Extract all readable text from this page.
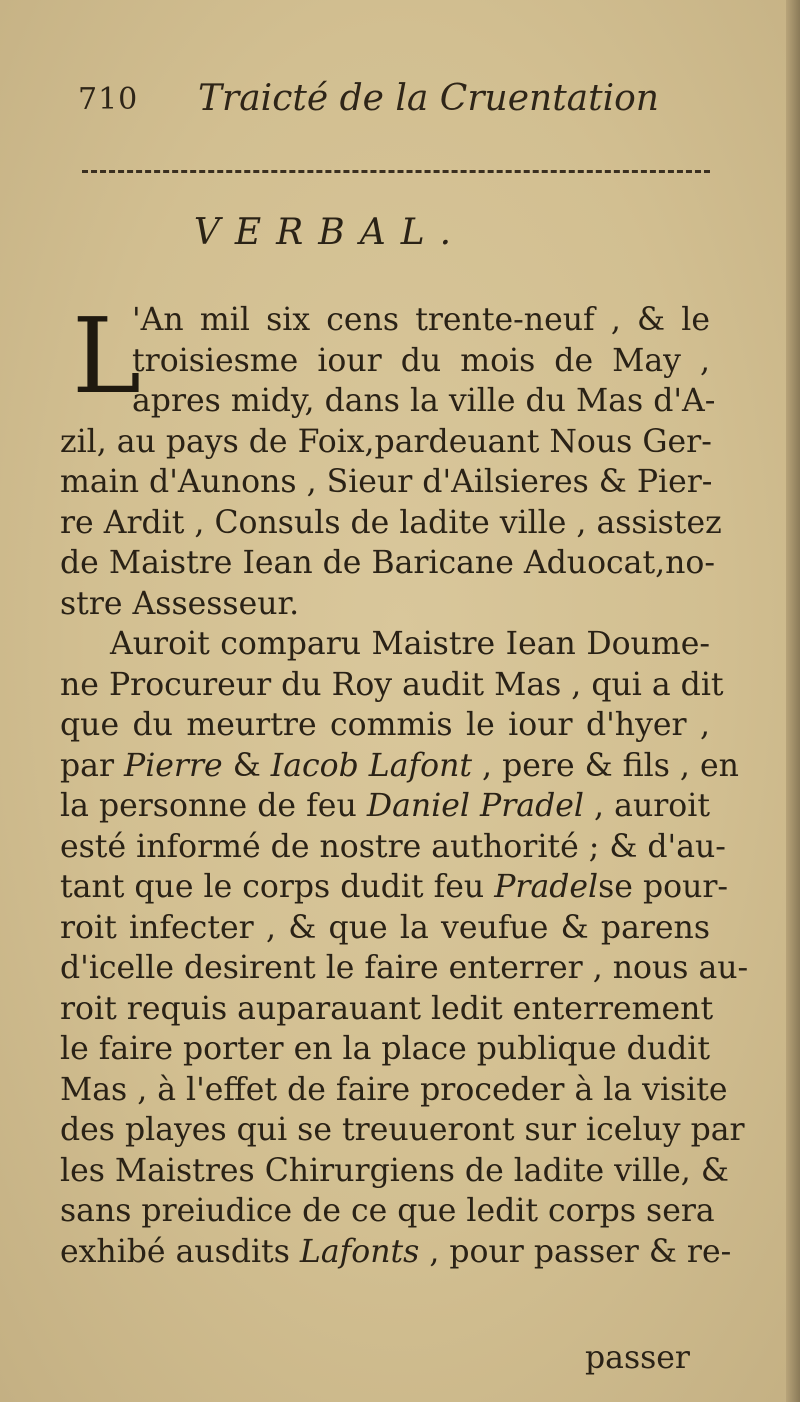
710 Traicté de la Cruentation
VERBAL.
L
'An mil six cens trente-neuf , & le
troisiesme iour du mois de May ,
apres midy, dans la ville du Mas d'A-
zil, au pays de Foix,pardeuant Nous Ger-
main d'Aunons , Sieur d'Ailsieres & Pier-
re Ardit , Consuls de ladite ville , assistez
de Maistre Iean de Baricane Aduocat,no-
stre Assesseur.
Auroit comparu Maistre Iean Doume-
ne Procureur du Roy audit Mas , qui a dit
que du meurtre commis le iour d'hyer ,
par Pierre & Iacob Lafont , pere & fils , en
la personne de feu Daniel Pradel , auroit
esté informé de nostre authorité ; & d'au-
tant que le corps dudit feu Pradelse pour-
roit infecter , & que la veufue & parens
d'icelle desirent le faire enterrer , nous au-
roit requis auparauant ledit enterrement
le faire porter en la place publique dudit
Mas , à l'effet de faire proceder à la visite
des playes qui se treuueront sur iceluy par
les Maistres Chirurgiens de ladite ville, &
sans preiudice de ce que ledit corps sera
exhibé ausdits Lafonts , pour passer & re-
passer
